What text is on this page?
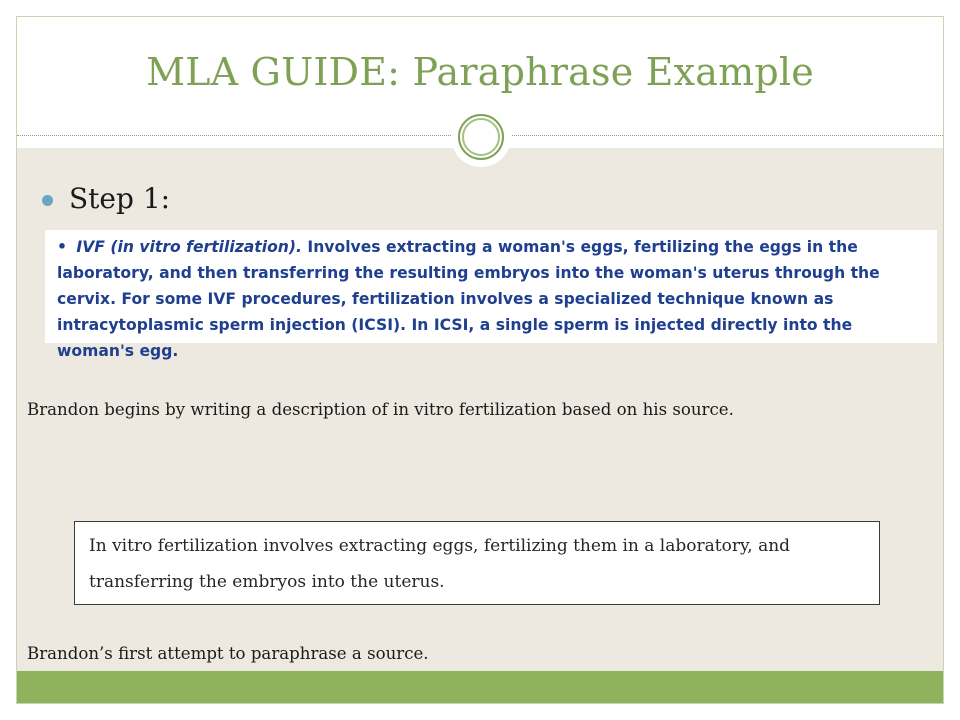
MLA GUIDE: Paraphrase Example
Step 1:
• IVF (in vitro fertilization). Involves extracting a woman's eggs, fertilizing the eggs in the laboratory, and then transferring the resulting embryos into the woman's uterus through the cervix. For some IVF procedures, fertilization involves a specialized technique known as intracytoplasmic sperm injection (ICSI). In ICSI, a single sperm is injected directly into the woman's egg.
Brandon begins by writing a description of in vitro fertilization based on his source.
In vitro fertilization involves extracting eggs, fertilizing them in a laboratory, and transferring the embryos into the uterus.
Brandon’s first attempt to paraphrase a source.
